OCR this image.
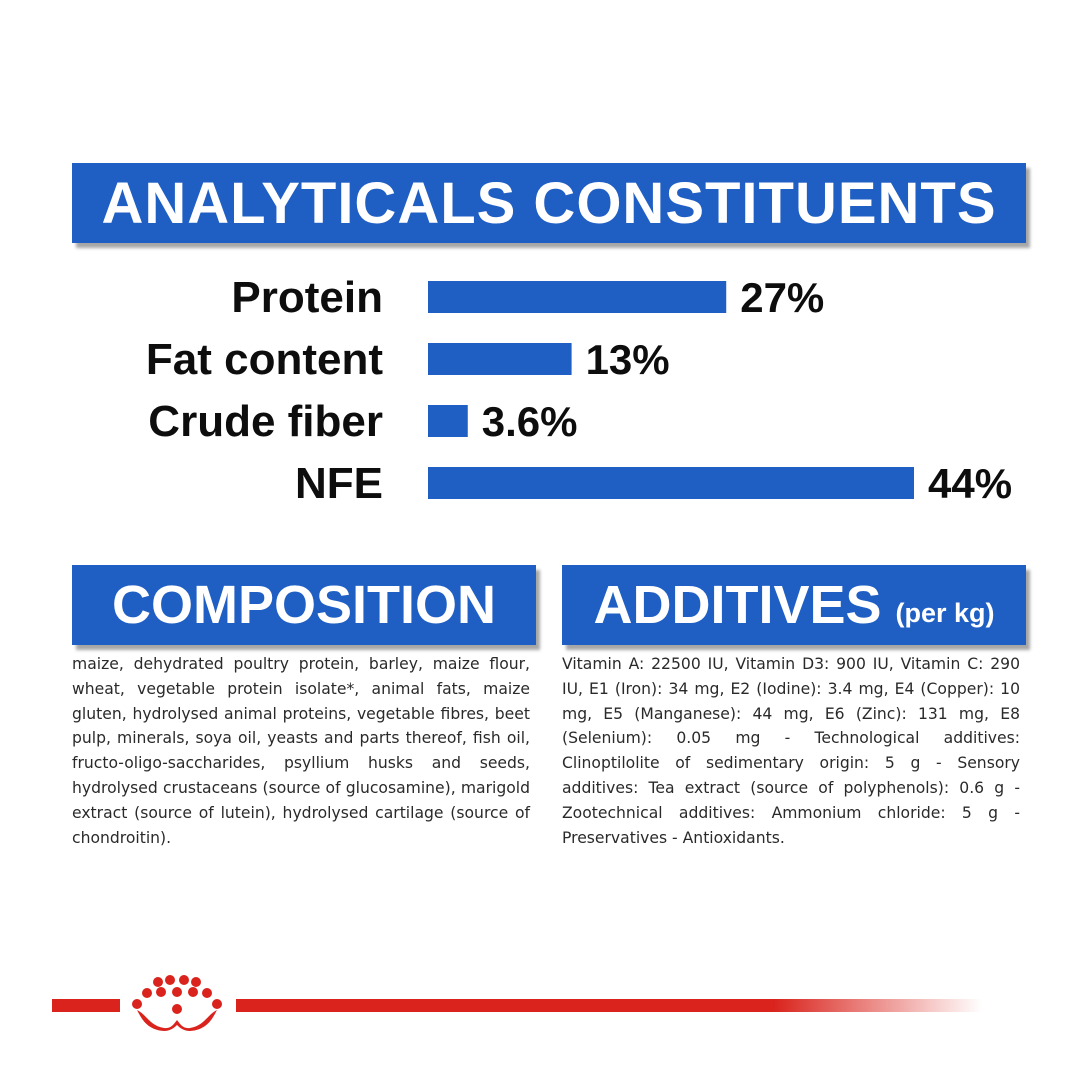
ANALYTICALS CONSTITUENTS
Protein	27%
Fat content	13%
Crude fiber 3.6%
NFE	44%
COMPOSITION ADDITIVES (per kg)

maize, dehydrated poultry protein, barley, maize flour, wheat, vegetable protein isolate*, animal fats, maize gluten, hydrolysed animal proteins, vegetable fibres, beet pulp, minerals, soya oil, yeasts and parts thereof, fish oil, fructo-oligo-saccharides, psyllium husks and seeds, hydrolysed crustaceans (source of glucosamine), marigold extract (source of lutein), hydrolysed cartilage (source of chondroitin).

Vitamin A: 22500 IU, Vitamin D3: 900 IU, Vitamin C: 290 IU, E1 (Iron): 34 mg, E2 (Iodine): 3.4 mg, E4 (Copper): 10 mg, E5 (Manganese): 44 mg, E6 (Zinc): 131 mg, E8 (Selenium): 0.05 mg - Technological additives: Clinoptilolite of sedimentary origin: 5 g - Sensory additives: Tea extract (source of polyphenols): 0.6 g - Zootechnical additives: Ammonium chloride: 5 g - Preservatives - Antioxidants.
